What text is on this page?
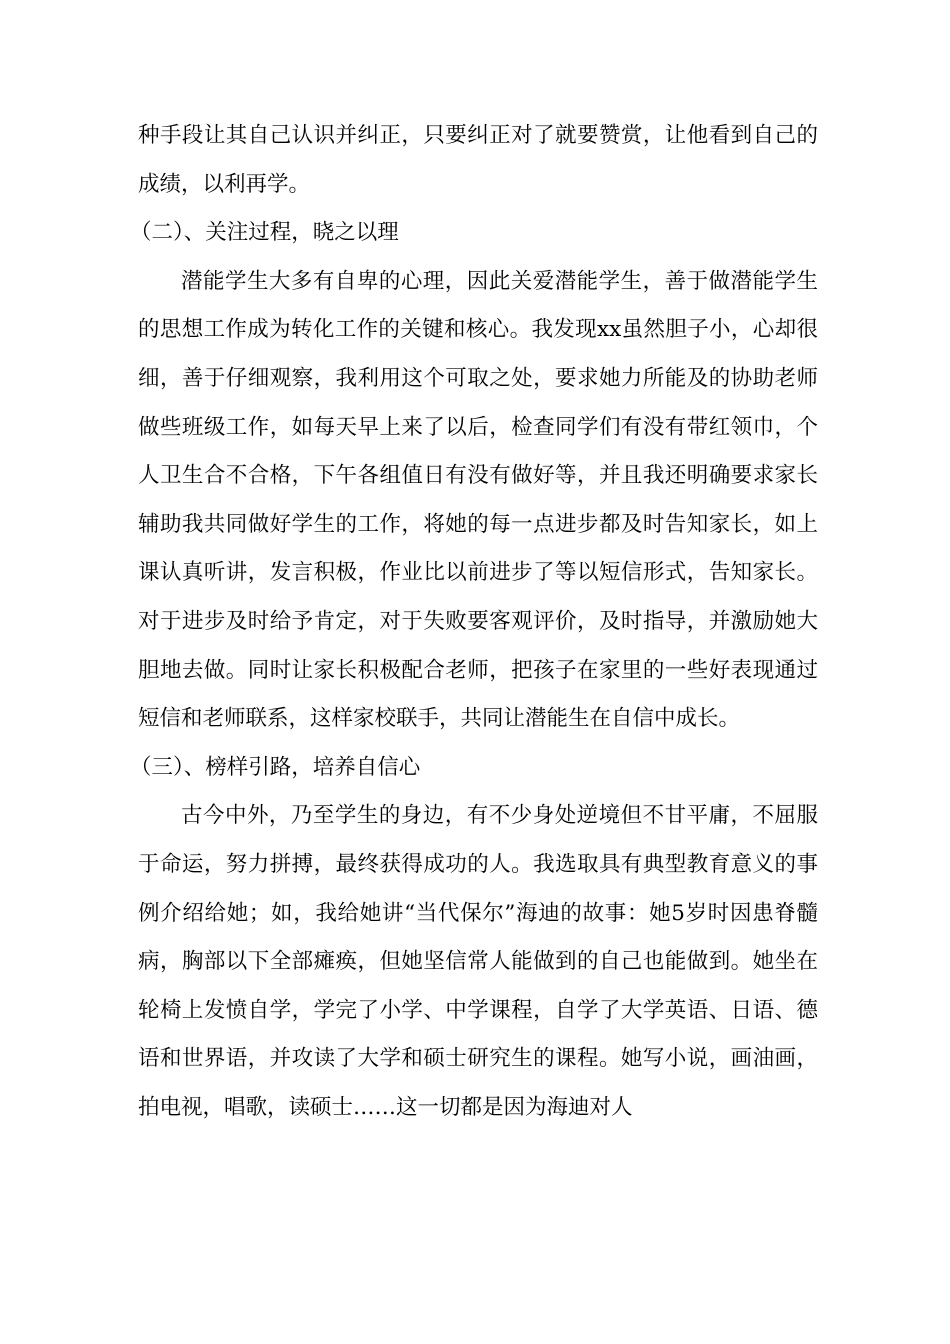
种手段让其自己认识并纠正，只要纠正对了就要赞赏，让他看到自己的成绩，以利再学。

（二）、关注过程，晓之以理

潜能学生大多有自卑的心理，因此关爱潜能学生，善于做潜能学生的思想工作成为转化工作的关键和核心。我发现xx虽然胆子小，心却很细，善于仔细观察，我利用这个可取之处，要求她力所能及的协助老师做些班级工作，如每天早上来了以后，检查同学们有没有带红领巾，个人卫生合不合格，下午各组值日有没有做好等，并且我还明确要求家长辅助我共同做好学生的工作，将她的每一点进步都及时告知家长，如上课认真听讲，发言积极，作业比以前进步了等以短信形式，告知家长。对于进步及时给予肯定，对于失败要客观评价，及时指导，并激励她大胆地去做。同时让家长积极配合老师，把孩子在家里的一些好表现通过短信和老师联系，这样家校联手，共同让潜能生在自信中成长。

（三）、榜样引路，培养自信心

古今中外，乃至学生的身边，有不少身处逆境但不甘平庸，不屈服于命运，努力拼搏，最终获得成功的人。我选取具有典型教育意义的事例介绍给她；如，我给她讲“当代保尔”海迪的故事：她5岁时因患脊髓病，胸部以下全部瘫痪，但她坚信常人能做到的自己也能做到。她坐在轮椅上发愤自学，学完了小学、中学课程，自学了大学英语、日语、德语和世界语，并攻读了大学和硕士研究生的课程。她写小说，画油画，拍电视，唱歌，读硕士……这一切都是因为海迪对人
